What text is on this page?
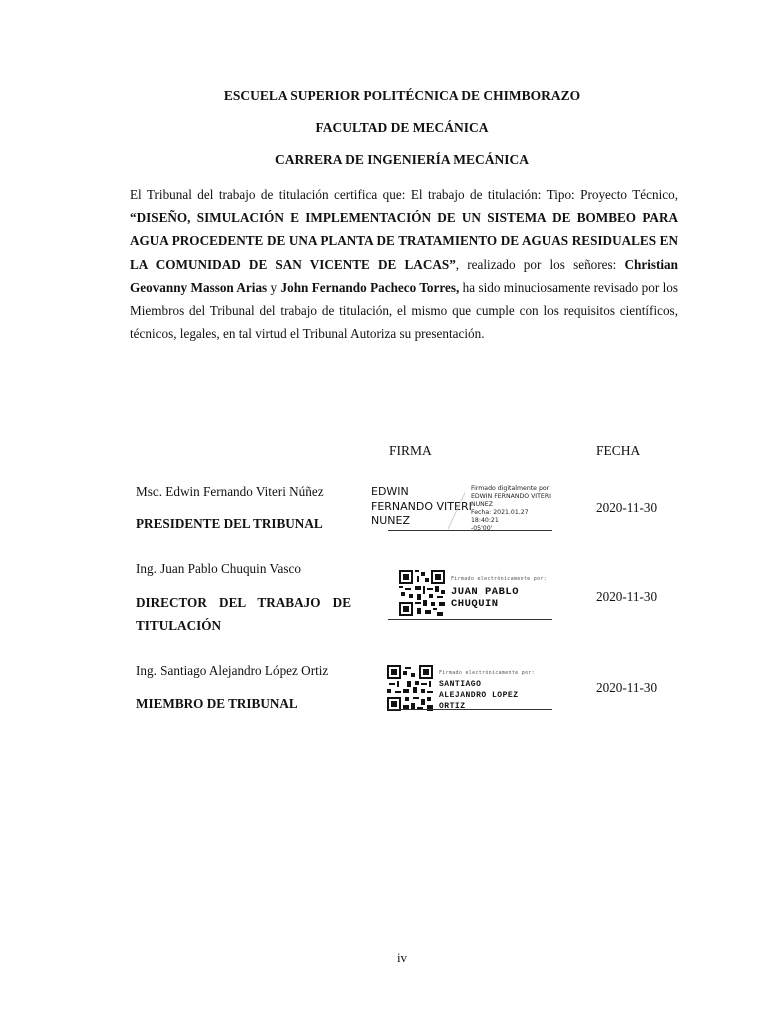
ESCUELA SUPERIOR POLITÉCNICA DE CHIMBORAZO
FACULTAD DE MECÁNICA
CARRERA DE INGENIERÍA MECÁNICA
El Tribunal del trabajo de titulación certifica que: El trabajo de titulación: Tipo: Proyecto Técnico, “DISEÑO, SIMULACIÓN E IMPLEMENTACIÓN DE UN SISTEMA DE BOMBEO PARA AGUA PROCEDENTE DE UNA PLANTA DE TRATAMIENTO DE AGUAS RESIDUALES EN LA COMUNIDAD DE SAN VICENTE DE LACAS”, realizado por los señores: Christian Geovanny Masson Arias y John Fernando Pacheco Torres, ha sido minuciosamente revisado por los Miembros del Tribunal del trabajo de titulación, el mismo que cumple con los requisitos científicos, técnicos, legales, en tal virtud el Tribunal Autoriza su presentación.
FIRMA	FECHA
Msc. Edwin Fernando Viteri Núñez
PRESIDENTE DEL TRIBUNAL
EDWIN
FERNANDO VITERI
NUNEZ
Firmado digitalmente por
EDWIN FERNANDO VITERI
NUNEZ
Fecha: 2021.01.27 18:40:21
-05'00'
2020-11-30
Ing. Juan Pablo Chuquin Vasco
DIRECTOR DEL TRABAJO DE
TITULACIÓN
Firmado electrónicamente por:
JUAN PABLO
CHUQUIN	2020-11-30
Ing. Santiago Alejandro López Ortiz
MIEMBRO DE TRIBUNAL
Firmado electrónicamente por:
SANTIAGO
ALEJANDRO LOPEZ
ORTIZ
2020-11-30
iv
